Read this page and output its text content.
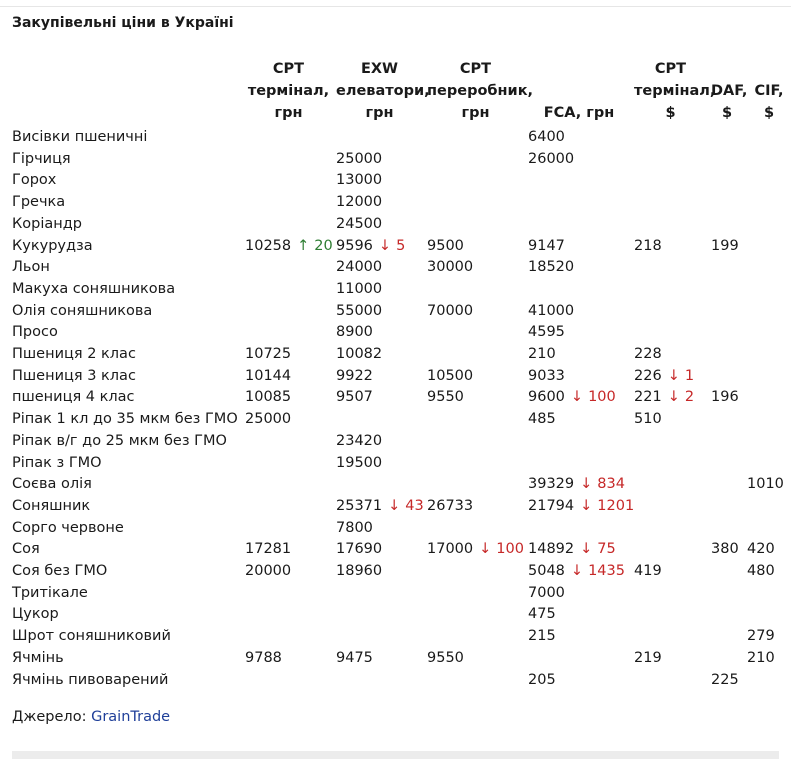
Закупівельні ціни в Україні
	CPT термінал, грн	EXW елеватори, грн	CPT переробник, грн	FCA, грн	CPT термінал, $	DAF, $	CIF, $
Висівки пшеничні				6400			
Гірчиця		25000		26000			
Горох		13000					
Гречка		12000					
Коріандр		24500					
Кукурудза	10258 ↑ 20	9596 ↓ 5	9500	9147	218	199	
Льон		24000	30000	18520			
Макуха соняшникова		11000					
Олія соняшникова		55000	70000	41000			
Просо		8900		4595			
Пшениця 2 клас	10725	10082		210	228		
Пшениця 3 клас	10144	9922	10500	9033	226 ↓ 1		
пшениця 4 клас	10085	9507	9550	9600 ↓ 100	221 ↓ 2	196	
Ріпак 1 кл до 35 мкм без ГМО	25000			485	510		
Ріпак в/г до 25 мкм без ГМО		23420					
Ріпак з ГМО		19500					
Соєва олія				39329 ↓ 834			1010
Соняшник		25371 ↓ 43	26733	21794 ↓ 1201			
Сорго червоне		7800					
Соя	17281	17690	17000 ↓ 100	14892 ↓ 75		380	420
Соя без ГМО	20000	18960		5048 ↓ 1435	419		480
Тритікале				7000			
Цукор				475			
Шрот соняшниковий				215			279
Ячмінь	9788	9475	9550		219		210
Ячмінь пивоварений				205		225	
Джерело: GrainTrade
